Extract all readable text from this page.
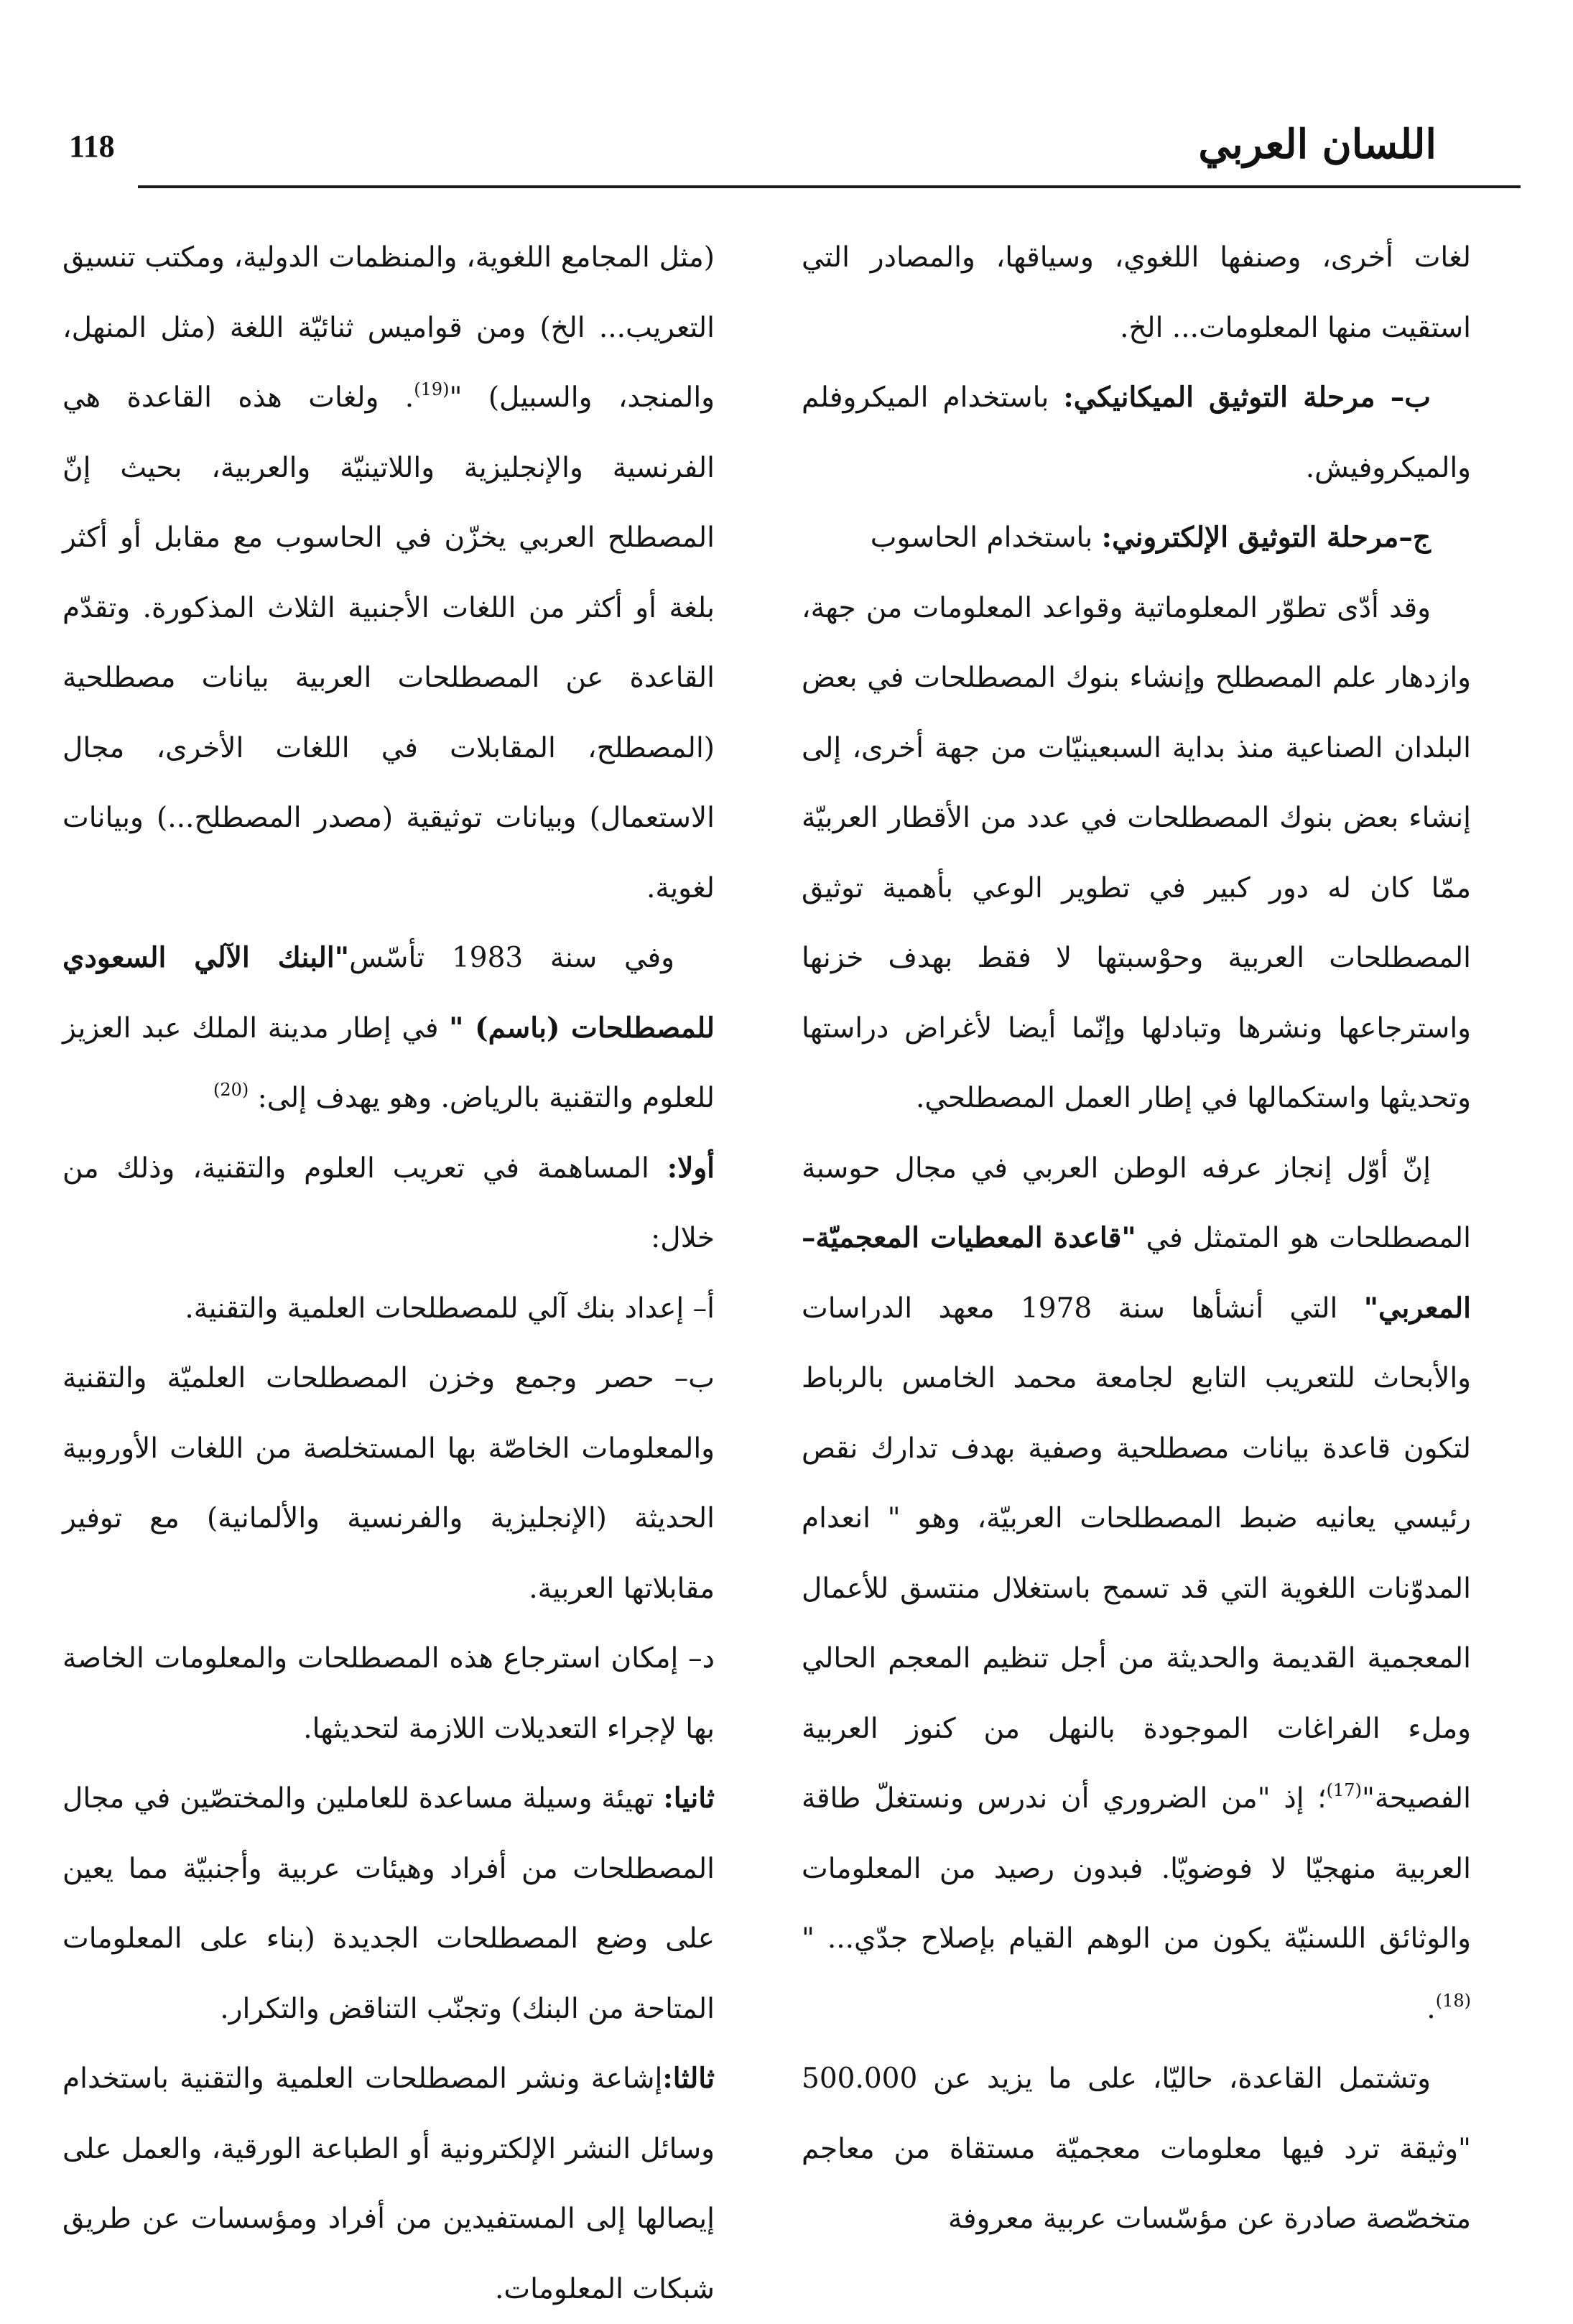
اللسان العربي
118

لغات أخرى، وصنفها اللغوي، وسياقها، والمصادر التي استقيت منها المعلومات... الخ.

ب– مرحلة التوثيق الميكانيكي: باستخدام الميكروفلم والميكروفيش.

ج–مرحلة التوثيق الإلكتروني: باستخدام الحاسوب

وقد أدّى تطوّر المعلوماتية وقواعد المعلومات من جهة، وازدهار علم المصطلح وإنشاء بنوك المصطلحات في بعض البلدان الصناعية منذ بداية السبعينيّات من جهة أخرى، إلى إنشاء بعض بنوك المصطلحات في عدد من الأقطار العربيّة ممّا كان له دور كبير في تطوير الوعي بأهمية توثيق المصطلحات العربية وحوْسبتها لا فقط بهدف خزنها واسترجاعها ونشرها وتبادلها وإنّما أيضا لأغراض دراستها وتحديثها واستكمالها في إطار العمل المصطلحي.

إنّ أوّل إنجاز عرفه الوطن العربي في مجال حوسبة المصطلحات هو المتمثل في "قاعدة المعطيات المعجميّة– المعربي" التي أنشأها سنة 1978 معهد الدراسات والأبحاث للتعريب التابع لجامعة محمد الخامس بالرباط لتكون قاعدة بيانات مصطلحية وصفية بهدف تدارك نقص رئيسي يعانيه ضبط المصطلحات العربيّة، وهو " انعدام المدوّنات اللغوية التي قد تسمح باستغلال منتسق للأعمال المعجمية القديمة والحديثة من أجل تنظيم المعجم الحالي وملء الفراغات الموجودة بالنهل من كنوز العربية الفصيحة"$^{(17)}$؛ إذ "من الضروري أن ندرس ونستغلّ طاقة العربية منهجيّا لا فوضويّا. فبدون رصيد من المعلومات والوثائق اللسنيّة يكون من الوهم القيام بإصلاح جدّي... "$^{(18)}$.

وتشتمل القاعدة، حاليّا، على ما يزيد عن 500.000 "وثيقة ترد فيها معلومات معجميّة مستقاة من معاجم متخصّصة صادرة عن مؤسّسات عربية معروفة

(مثل المجامع اللغوية، والمنظمات الدولية، ومكتب تنسيق التعريب... الخ) ومن قواميس ثنائيّة اللغة (مثل المنهل، والمنجد، والسبيل) "$^{(19)}$. ولغات هذه القاعدة هي الفرنسية والإنجليزية واللاتينيّة والعربية، بحيث إنّ المصطلح العربي يخزّن في الحاسوب مع مقابل أو أكثر بلغة أو أكثر من اللغات الأجنبية الثلاث المذكورة. وتقدّم القاعدة عن المصطلحات العربية بيانات مصطلحية (المصطلح، المقابلات في اللغات الأخرى، مجال الاستعمال) وبيانات توثيقية (مصدر المصطلح...) وبيانات لغوية.

وفي سنة 1983 تأسّس"البنك الآلي السعودي للمصطلحات (باسم) " في إطار مدينة الملك عبد العزيز للعلوم والتقنية بالرياض. وهو يهدف إلى: $^{(20)}$

أولا: المساهمة في تعريب العلوم والتقنية، وذلك من خلال:

أ– إعداد بنك آلي للمصطلحات العلمية والتقنية.

ب– حصر وجمع وخزن المصطلحات العلميّة والتقنية والمعلومات الخاصّة بها المستخلصة من اللغات الأوروبية الحديثة (الإنجليزية والفرنسية والألمانية) مع توفير مقابلاتها العربية.

د– إمكان استرجاع هذه المصطلحات والمعلومات الخاصة بها لإجراء التعديلات اللازمة لتحديثها.

ثانيا: تهيئة وسيلة مساعدة للعاملين والمختصّين في مجال المصطلحات من أفراد وهيئات عربية وأجنبيّة مما يعين على وضع المصطلحات الجديدة (بناء على المعلومات المتاحة من البنك) وتجنّب التناقض والتكرار.

ثالثا:إشاعة ونشر المصطلحات العلمية والتقنية باستخدام وسائل النشر الإلكترونية أو الطباعة الورقية، والعمل على إيصالها إلى المستفيدين من أفراد ومؤسسات عن طريق شبكات المعلومات.
